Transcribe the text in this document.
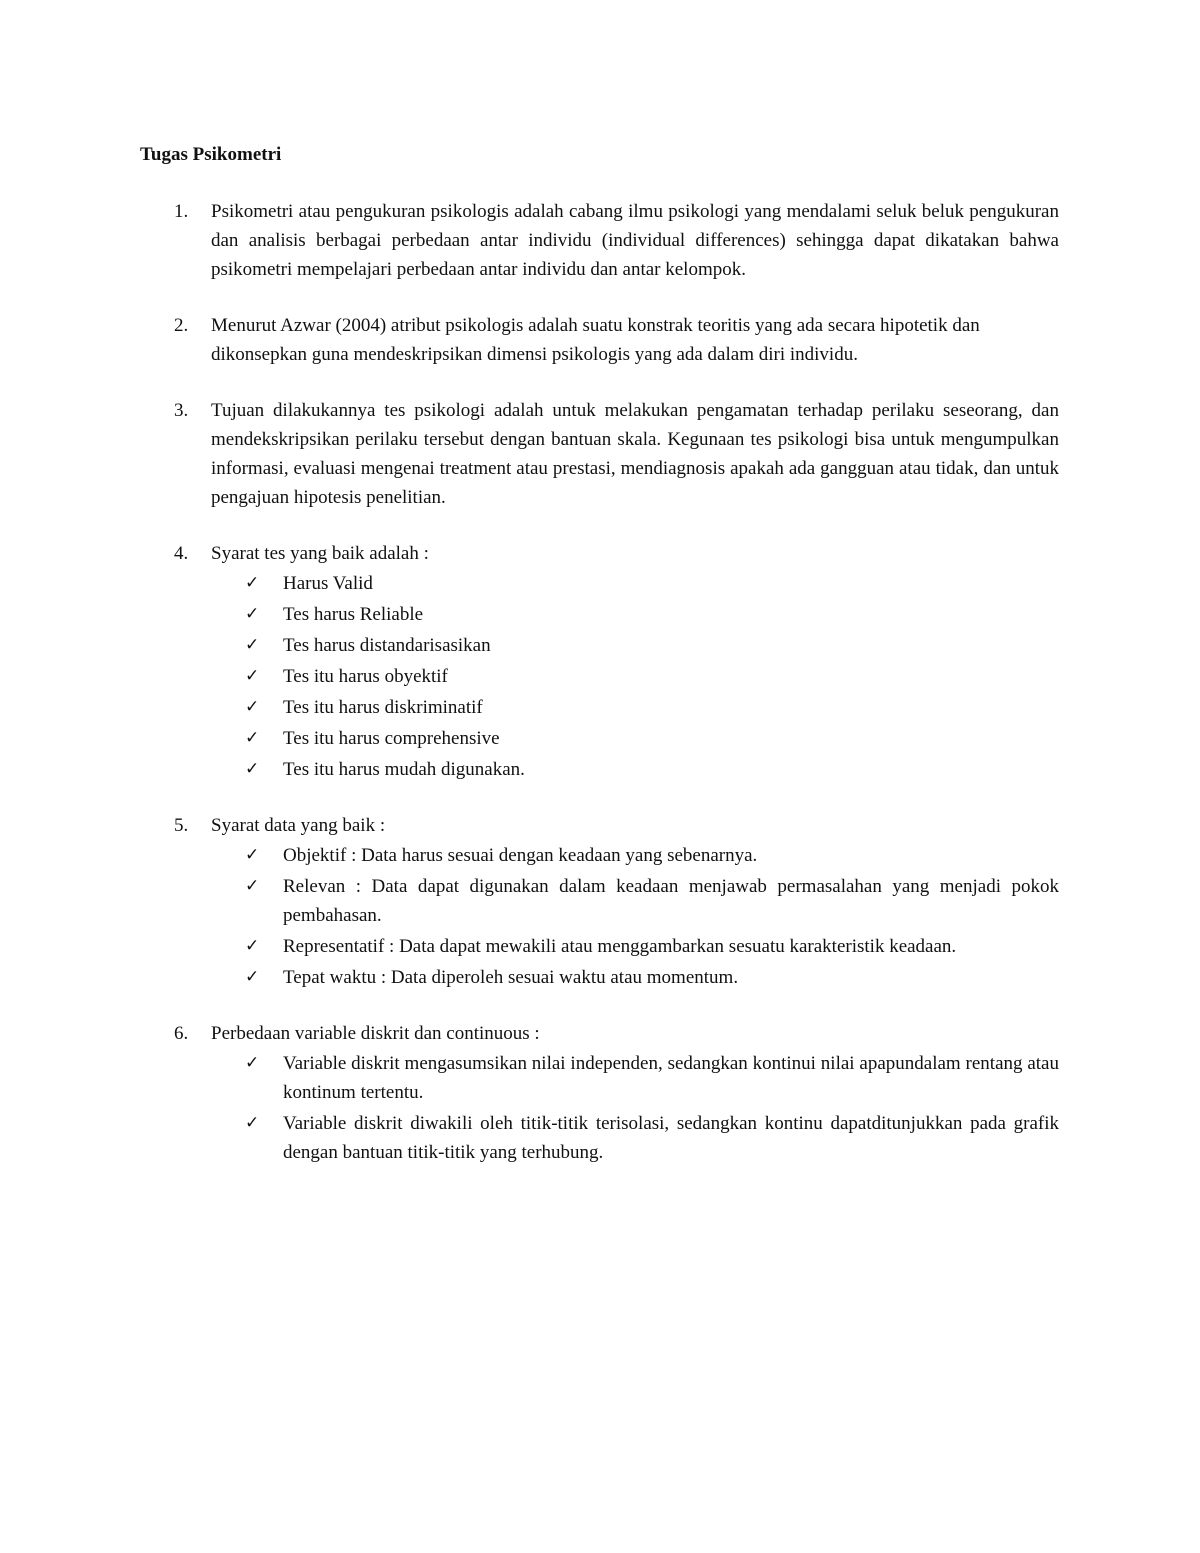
Tugas Psikometri

1.	Psikometri atau pengukuran psikologis adalah cabang ilmu psikologi yang mendalami seluk beluk pengukuran dan analisis berbagai perbedaan antar individu (individual differences) sehingga dapat dikatakan bahwa psikometri mempelajari perbedaan antar individu dan antar kelompok.

2.	Menurut Azwar (2004) atribut psikologis adalah suatu konstrak teoritis yang ada secara hipotetik dan dikonsepkan guna mendeskripsikan dimensi psikologis yang ada dalam diri individu.

3.	Tujuan dilakukannya tes psikologi adalah untuk melakukan pengamatan terhadap perilaku seseorang, dan mendekskripsikan perilaku tersebut dengan bantuan skala. Kegunaan tes psikologi bisa untuk mengumpulkan informasi, evaluasi mengenai treatment atau prestasi, mendiagnosis apakah ada gangguan atau tidak, dan untuk pengajuan hipotesis penelitian.

4.	Syarat tes yang baik adalah :

✓ Harus Valid

✓ Tes harus Reliable

✓ Tes harus distandarisasikan

✓ Tes itu harus obyektif

✓ Tes itu harus diskriminatif

✓ Tes itu harus comprehensive

✓ Tes itu harus mudah digunakan.

5.	Syarat data yang baik :

✓ Objektif : Data harus sesuai dengan keadaan yang sebenarnya.

✓ Relevan : Data dapat digunakan dalam keadaan menjawab permasalahan yang menjadi pokok pembahasan.

✓ Representatif : Data dapat mewakili atau menggambarkan sesuatu karakteristik keadaan.

✓ Tepat waktu : Data diperoleh sesuai waktu atau momentum.

6.	Perbedaan variable diskrit dan continuous :

✓ Variable diskrit mengasumsikan nilai independen, sedangkan kontinui nilai apapundalam rentang atau kontinum tertentu.

✓ Variable diskrit diwakili oleh titik-titik terisolasi, sedangkan kontinu dapatditunjukkan pada grafik dengan bantuan titik-titik yang terhubung.
